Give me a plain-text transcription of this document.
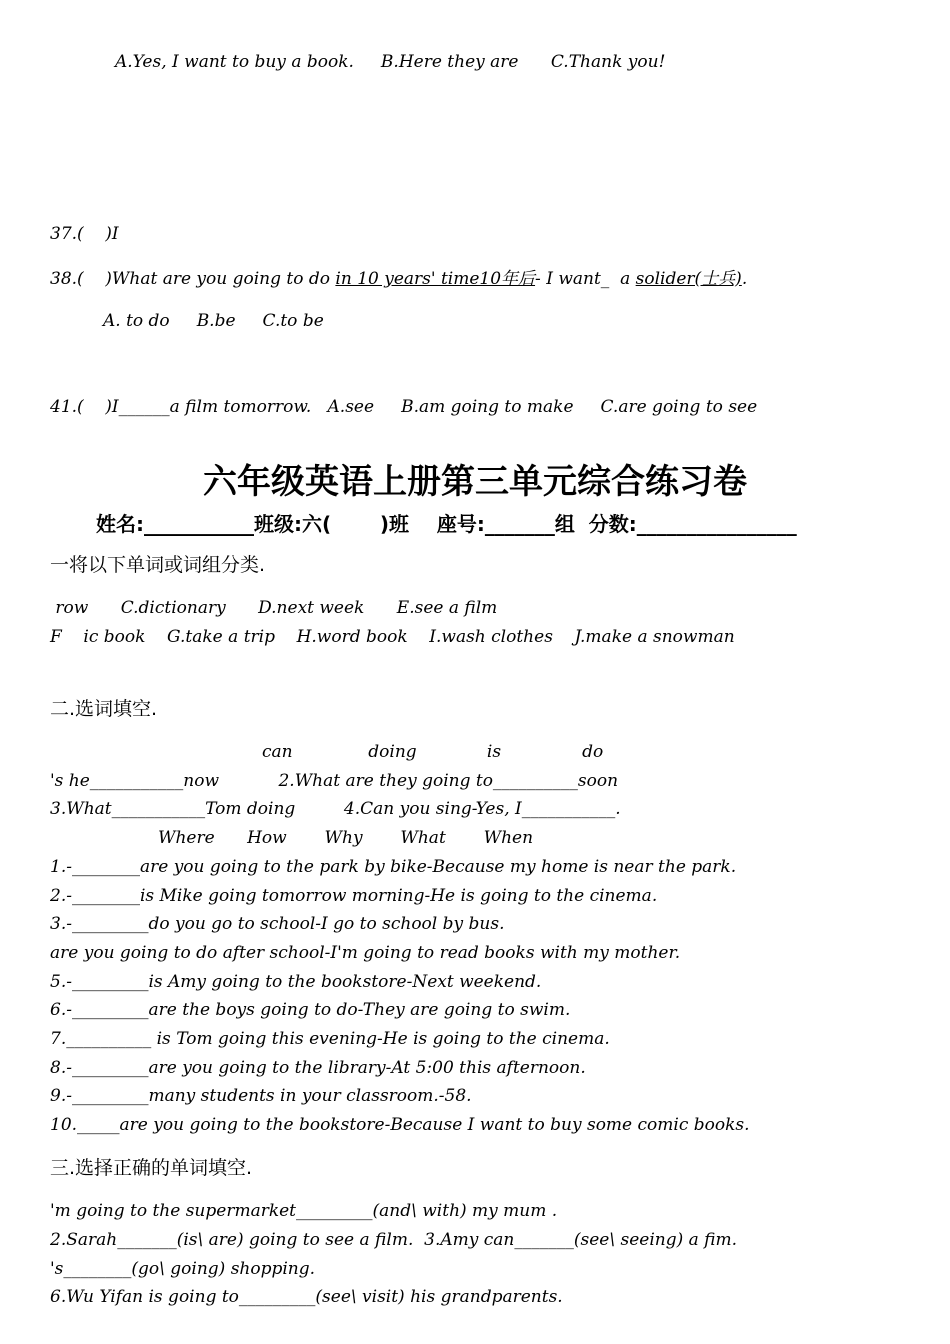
A.Yes, I want to buy a book.     B.Here they are      C.Thank you!
37.(    )I
38.(    )What are you going to do in 10 years' time10年后- I want_  a solider(士兵).
A. to do     B.be     C.to be
41.(    )I______a film tomorrow.   A.see     B.am going to make     C.are going to see
六年级英语上册第三单元综合练习卷
姓名:___________班级:六(       )班    座号:_______组  分数:________________
一将以下单词或词组分类.
row      C.dictionary      D.next week      E.see a film
F    ic book    G.take a trip    H.word book    I.wash clothes    J.make a snowman
二.选词填空.
can              doing             is               do
's he___________now           2.What are they going to__________soon
3.What___________Tom doing         4.Can you sing-Yes, I___________.
Where      How       Why       What       When
1.-________are you going to the park by bike-Because my home is near the park.
2.-________is Mike going tomorrow morning-He is going to the cinema.
3.-_________do you go to school-I go to school by bus.
are you going to do after school-I'm going to read books with my mother.
5.-_________is Amy going to the bookstore-Next weekend.
6.-_________are the boys going to do-They are going to swim.
7.__________ is Tom going this evening-He is going to the cinema.
8.-_________are you going to the library-At 5:00 this afternoon.
9.-_________many students in your classroom.-58.
10._____are you going to the bookstore-Because I want to buy some comic books.
三.选择正确的单词填空.
'm going to the supermarket_________(and\ with) my mum .
2.Sarah_______(is\ are) going to see a film.  3.Amy can_______(see\ seeing) a fim.
's________(go\ going) shopping.
6.Wu Yifan is going to_________(see\ visit) his grandparents.
